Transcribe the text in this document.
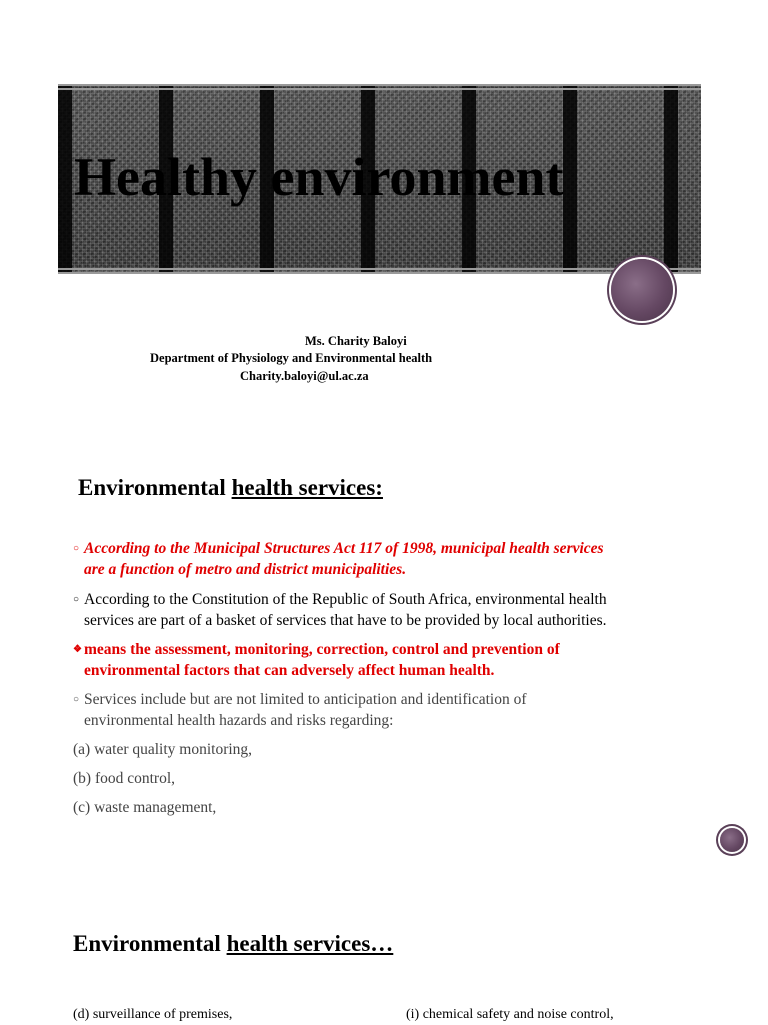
Healthy environment
Ms. Charity Baloyi
Department of Physiology and Environmental health
Charity.baloyi@ul.ac.za
Environmental health services:
○ According to the Municipal Structures Act 117 of 1998, municipal health services
are a function of metro and district municipalities.
○ According to the Constitution of the Republic of South Africa, environmental health
services are part of a basket of services that have to be provided by local authorities.
❖ means the assessment, monitoring, correction, control and prevention of
environmental factors that can adversely affect human health.
○ Services include but are not limited to anticipation and identification of
environmental health hazards and risks regarding:
(a) water quality monitoring,
(b) food control,
(c) waste management,
Environmental health services…
(d) surveillance of premises,	(i) chemical safety and noise control,
